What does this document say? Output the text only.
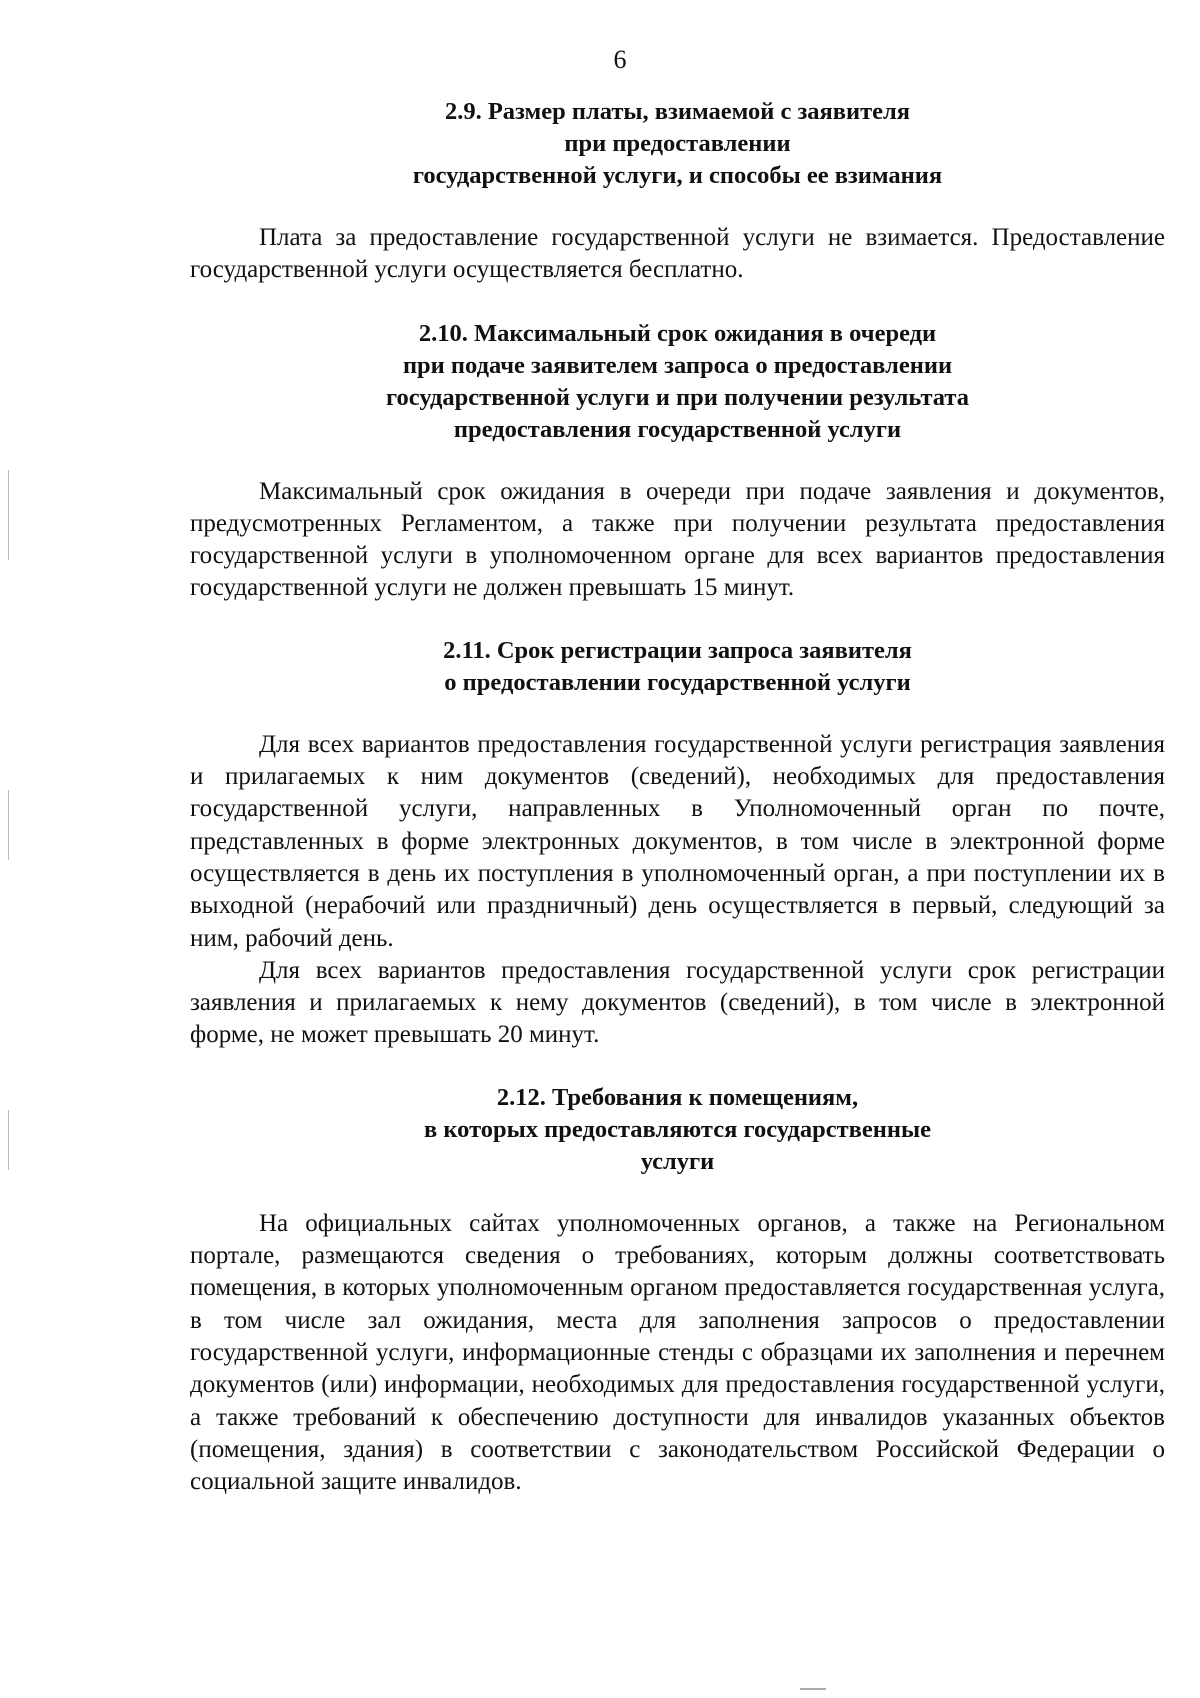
6
2.9. Размер платы, взимаемой с заявителя
при предоставлении
государственной услуги, и способы ее взимания

Плата за предоставление государственной услуги не взимается. Предоставление государственной услуги осуществляется бесплатно.

2.10. Максимальный срок ожидания в очереди
при подаче заявителем запроса о предоставлении
государственной услуги и при получении результата
предоставления государственной услуги

Максимальный срок ожидания в очереди при подаче заявления и документов, предусмотренных Регламентом, а также при получении результата предоставления государственной услуги в уполномоченном органе для всех вариантов предоставления государственной услуги не должен превышать 15 минут.

2.11. Срок регистрации запроса заявителя
о предоставлении государственной услуги

Для всех вариантов предоставления государственной услуги регистрация заявления и прилагаемых к ним документов (сведений), необходимых для предоставления государственной услуги, направленных в Уполномоченный орган по почте, представленных в форме электронных документов, в том числе в электронной форме осуществляется в день их поступления в уполномоченный орган, а при поступлении их в выходной (нерабочий или праздничный) день осуществляется в первый, следующий за ним, рабочий день.

Для всех вариантов предоставления государственной услуги срок регистрации заявления и прилагаемых к нему документов (сведений), в том числе в электронной форме, не может превышать 20 минут.

2.12. Требования к помещениям,
в которых предоставляются государственные
услуги

На официальных сайтах уполномоченных органов, а также на Региональном портале, размещаются сведения о требованиях, которым должны соответствовать помещения, в которых уполномоченным органом предоставляется государственная услуга, в том числе зал ожидания, места для заполнения запросов о предоставлении государственной услуги, информационные стенды с образцами их заполнения и перечнем документов (или) информации, необходимых для предоставления государственной услуги, а также требований к обеспечению доступности для инвалидов указанных объектов (помещения, здания) в соответствии с законодательством Российской Федерации о социальной защите инвалидов.
